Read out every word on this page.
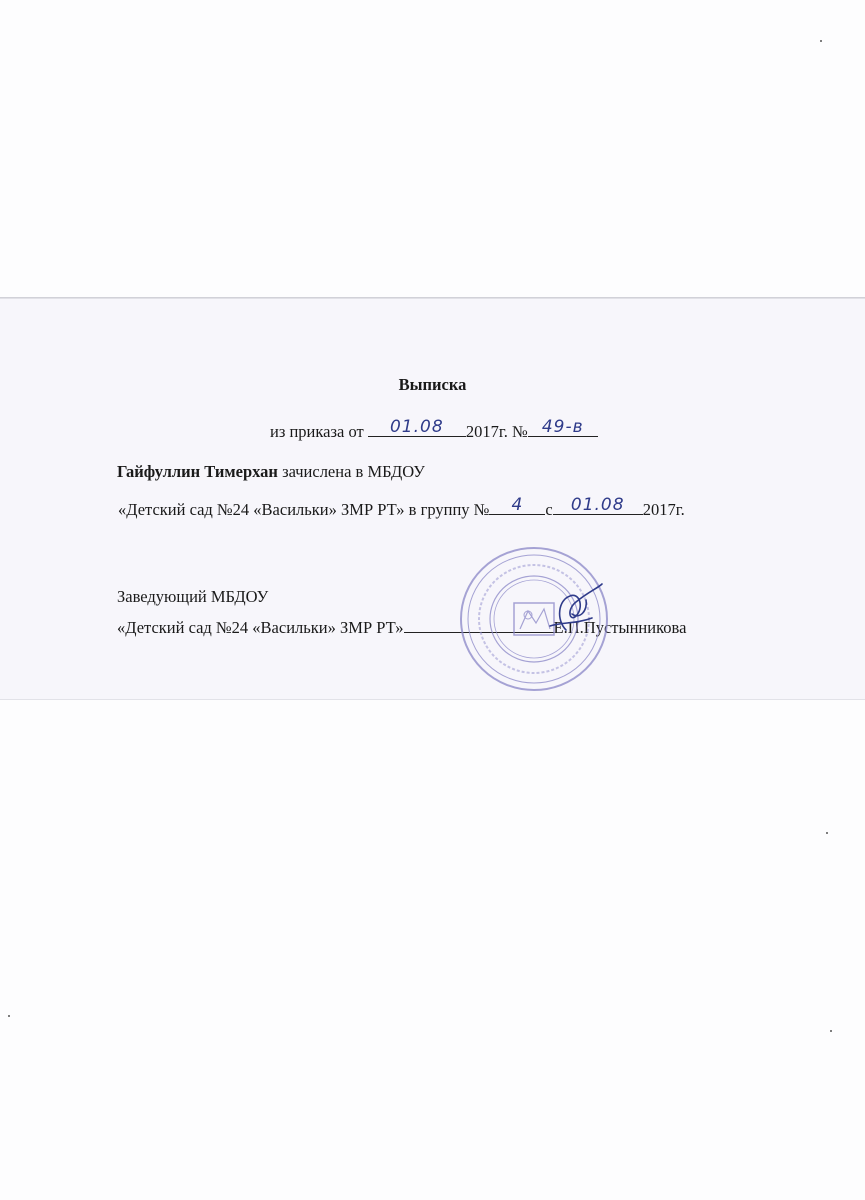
Выписка
из приказа от	01.08	2017г. № 49-в
Гайфуллин Тимерхан зачислена в МБДОУ
«Детский сад №24 «Васильки» ЗМР РТ» в группу №	4	с	01.08	2017г.
Заведующий МБДОУ
«Детский сад №24 «Васильки» ЗМР РТ»	Е.П.Пустынникова
